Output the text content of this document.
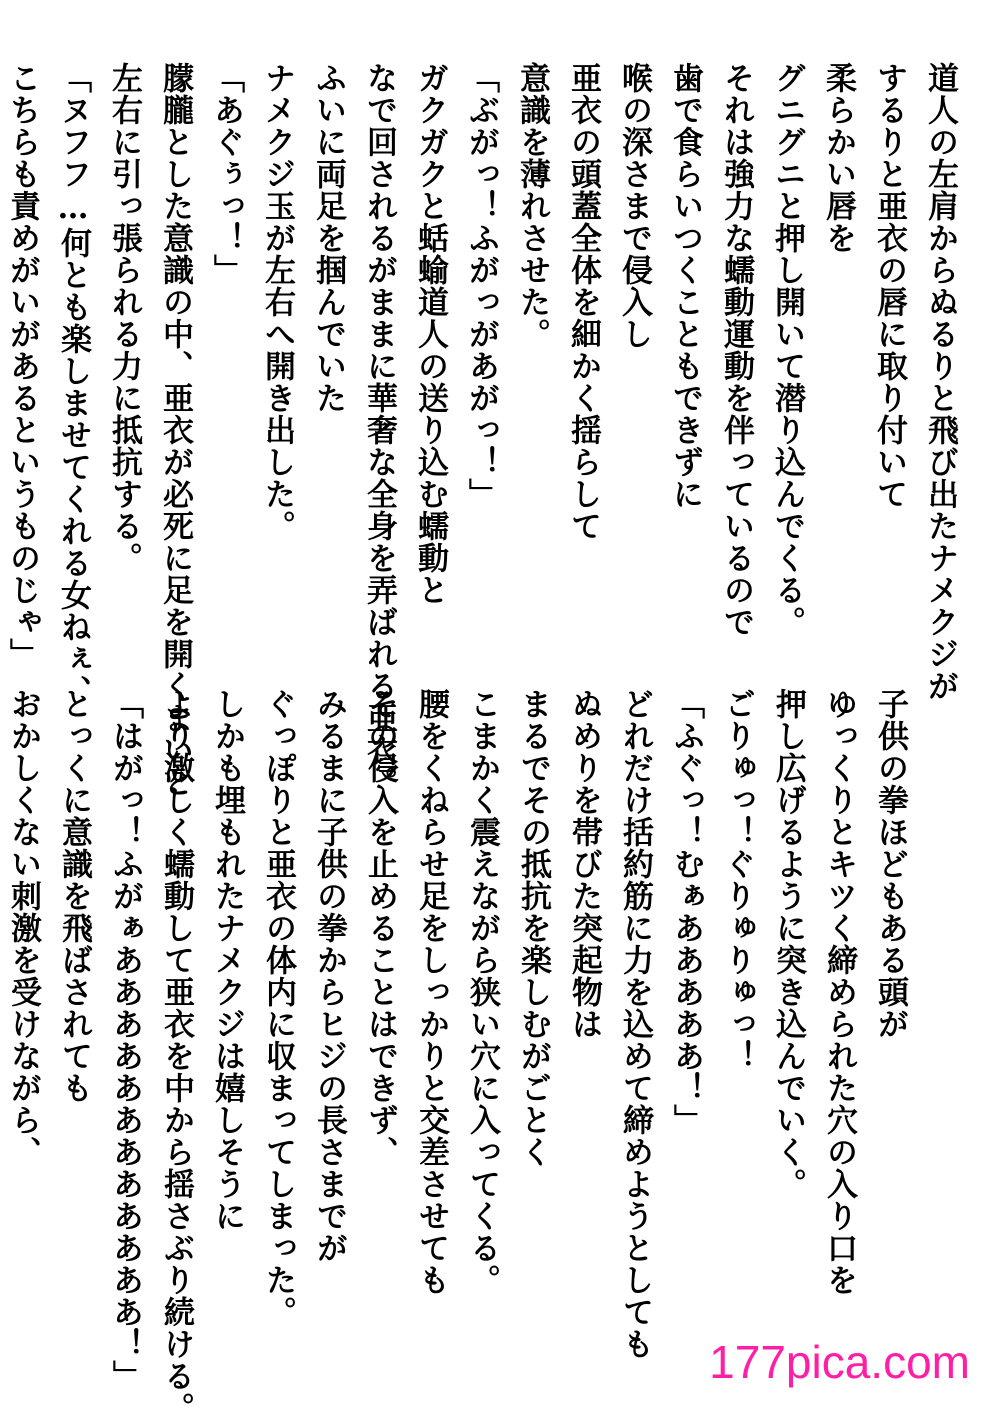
道人の左肩からぬるりと飛び出たナメクジが
するりと亜衣の唇に取り付いて
柔らかい唇を
グニグニと押し開いて潜り込んでくる。
それは強力な蠕動運動を伴っているので
歯で食らいつくこともできずに
喉の深さまで侵入し
亜衣の頭蓋全体を細かく揺らして
意識を薄れさせた。
「ぶがっ！ふがっがあがっ！」
ガクガクと蛞蝓道人の送り込む蠕動と
なで回されるがままに華奢な全身を弄ばれる亜衣。
ふいに両足を掴んでいた
ナメクジ玉が左右へ開き出した。
「あぐぅっ！」
朦朧とした意識の中、亜衣が必死に足を開くまいと
左右に引っ張られる力に抵抗する。
「ヌフフ…何とも楽しませてくれる女ねぇ、
こちらも責めがいがあるというものじゃ」
子供の拳ほどもある頭が
ゆっくりとキツく締められた穴の入り口を
押し広げるように突き込んでいく。
ごりゅっ！ぐりゅりゅっ！
「ふぐっ！むぁあああああ！」
どれだけ括約筋に力を込めて締めようとしても
ぬめりを帯びた突起物は
まるでその抵抗を楽しむがごとく
こまかく震えながら狭い穴に入ってくる。
腰をくねらせ足をしっかりと交差させても
その侵入を止めることはできず、
みるまに子供の拳からヒジの長さまでが
ぐっぽりと亜衣の体内に収まってしまった。
しかも埋もれたナメクジは嬉しそうに
より激しく蠕動して亜衣を中から揺さぶり続ける。
「はがっ！ふがぁああああああああああああ！」
とっくに意識を飛ばされても
おかしくない刺激を受けながら、
177pica.com
